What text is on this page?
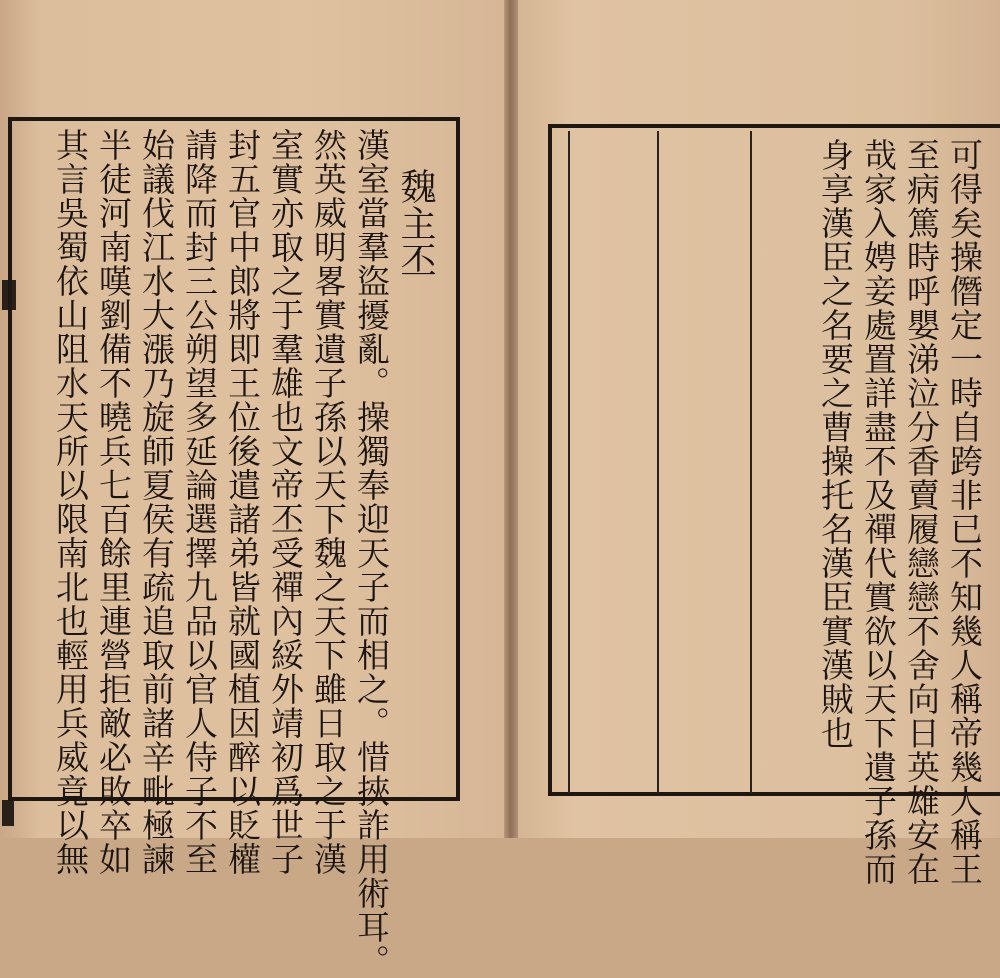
魏主丕
漢室當羣盜擾亂。操獨奉迎天子而相之。惜挾詐用術耳。
然英威明畧實遺子孫以天下魏之天下雖日取之于漢
室實亦取之于羣雄也文帝丕受禪內綏外靖初爲世子
封五官中郎將即王位後遣諸弟皆就國植因醉以貶權
請降而封三公朔望多延論選擇九品以官人侍子不至
始議伐江水大漲乃旋師夏侯有疏追取前諸辛毗極諫
半徒河南嘆劉備不曉兵七百餘里連營拒敵必敗卒如
其言吳蜀依山阻水天所以限南北也輕用兵威竟以無	可得矣操僭定一時自跨非已不知幾人稱帝幾人稱王
至病篤時呼嬰涕泣分香賣履戀戀不舍向日英雄安在
哉家入娉妾處置詳盡不及禪代實欲以天下遺子孫而
身享漢臣之名要之曹操托名漢臣實漢賊也
